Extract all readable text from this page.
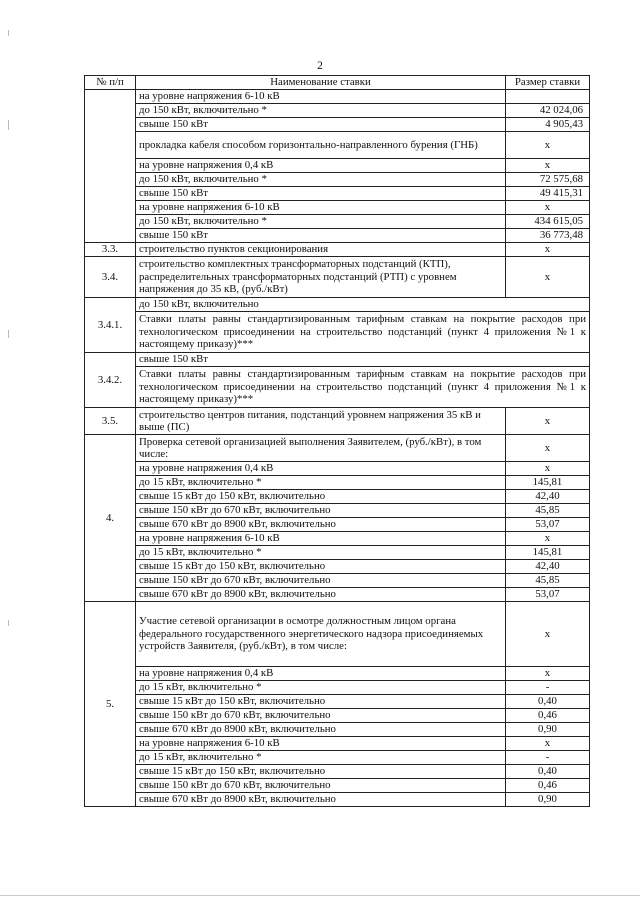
2
№ п/п	Наименование ставки	Размер ставки
	на уровне напряжения 6-10 кВ	
	до 150 кВт, включительно *	42 024,06
	свыше 150 кВт	4 905,43
	прокладка кабеля способом горизонтально-направленного бурения (ГНБ)	х
	на уровне напряжения 0,4 кВ	х
	до 150 кВт, включительно *	72 575,68
	свыше 150 кВт	49 415,31
	на уровне напряжения 6-10 кВ	х
	до 150 кВт, включительно *	434 615,05
	свыше 150 кВт	36 773,48
3.3.	строительство пунктов секционирования	х
3.4.	строительство комплектных трансформаторных подстанций (КТП), распределительных трансформаторных подстанций (РТП) с уровнем напряжения до 35 кВ, (руб./кВт)	х
3.4.1.	до 150 кВт, включительно	
	Ставки платы равны стандартизированным тарифным ставкам на покрытие расходов при технологическом присоединении на строительство подстанций (пункт 4 приложения №1 к настоящему приказу)***	
3.4.2.	свыше 150 кВт	
	Ставки платы равны стандартизированным тарифным ставкам на покрытие расходов при технологическом присоединении на строительство подстанций (пункт 4 приложения №1 к настоящему приказу)***	
3.5.	строительство центров питания, подстанций уровнем напряжения 35 кВ и выше (ПС)	х
4.	Проверка сетевой организацией выполнения Заявителем, (руб./кВт), в том числе:	х
	на уровне напряжения 0,4 кВ	х
	до 15 кВт, включительно *	145,81
	свыше 15 кВт до 150 кВт, включительно	42,40
	свыше 150 кВт до 670 кВт, включительно	45,85
	свыше 670 кВт до 8900 кВт, включительно	53,07
	на уровне напряжения 6-10 кВ	х
	до 15 кВт, включительно *	145,81
	свыше 15 кВт до 150 кВт, включительно	42,40
	свыше 150 кВт до 670 кВт, включительно	45,85
	свыше 670 кВт до 8900 кВт, включительно	53,07
5.	Участие сетевой организации в осмотре должностным лицом органа федерального государственного энергетического надзора присоединяемых устройств Заявителя, (руб./кВт), в том числе:	х
	на уровне напряжения 0,4 кВ	х
	до 15 кВт, включительно *	-
	свыше 15 кВт до 150 кВт, включительно	0,40
	свыше 150 кВт до 670 кВт, включительно	0,46
	свыше 670 кВт до 8900 кВт, включительно	0,90
	на уровне напряжения 6-10 кВ	х
	до 15 кВт, включительно *	-
	свыше 15 кВт до 150 кВт, включительно	0,40
	свыше 150 кВт до 670 кВт, включительно	0,46
	свыше 670 кВт до 8900 кВт, включительно	0,90
